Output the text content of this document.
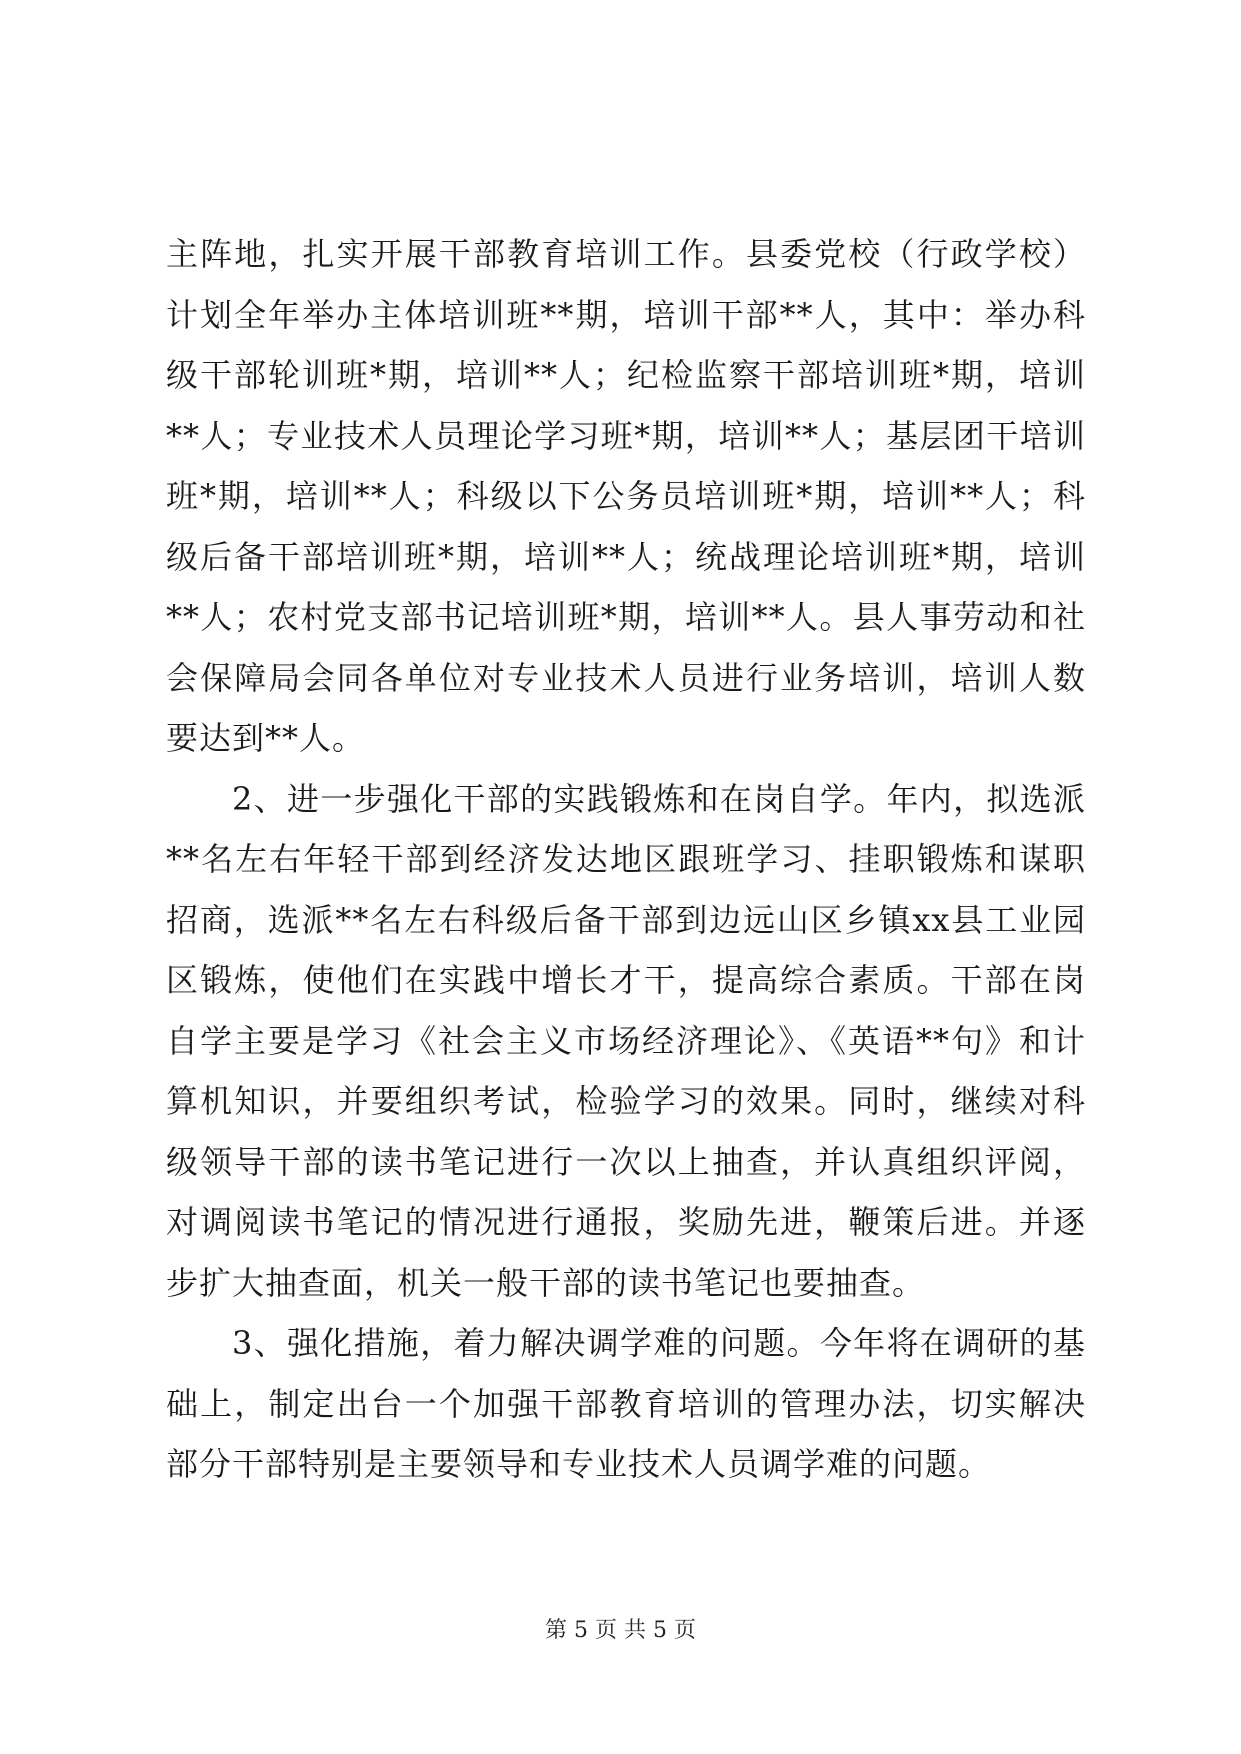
主阵地，扎实开展干部教育培训工作。县委党校（行政学校）计划全年举办主体培训班**期，培训干部**人，其中：举办科级干部轮训班*期，培训**人；纪检监察干部培训班*期，培训**人；专业技术人员理论学习班*期，培训**人；基层团干培训班*期，培训**人；科级以下公务员培训班*期，培训**人；科级后备干部培训班*期，培训**人；统战理论培训班*期，培训**人；农村党支部书记培训班*期，培训**人。县人事劳动和社会保障局会同各单位对专业技术人员进行业务培训，培训人数要达到**人。

2、进一步强化干部的实践锻炼和在岗自学。年内，拟选派**名左右年轻干部到经济发达地区跟班学习、挂职锻炼和谋职招商，选派**名左右科级后备干部到边远山区乡镇xx县工业园区锻炼，使他们在实践中增长才干，提高综合素质。干部在岗自学主要是学习《社会主义市场经济理论》、《英语**句》和计算机知识，并要组织考试，检验学习的效果。同时，继续对科级领导干部的读书笔记进行一次以上抽查，并认真组织评阅，对调阅读书笔记的情况进行通报，奖励先进，鞭策后进。并逐步扩大抽查面，机关一般干部的读书笔记也要抽查。

3、强化措施，着力解决调学难的问题。今年将在调研的基础上，制定出台一个加强干部教育培训的管理办法，切实解决部分干部特别是主要领导和专业技术人员调学难的问题。

第 5 页 共 5 页
